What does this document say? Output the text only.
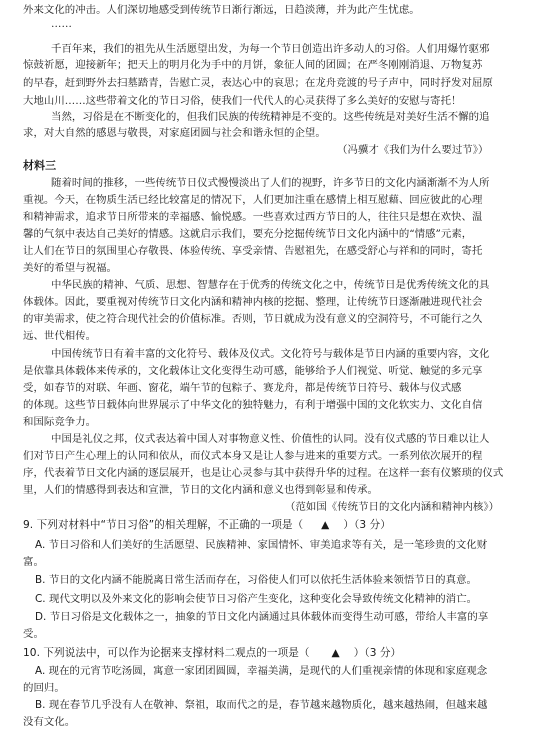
外来文化的冲击。人们深切地感受到传统节日渐行渐远，日趋淡薄，并为此产生忧虑。
……
千百年来，我们的祖先从生活愿望出发，为每一个节日创造出许多动人的习俗。人们用爆竹驱邪
惊鼓祈愿，迎接新年；把天上的明月化为手中的月饼，象征人间的团圆；在严冬刚刚消退、万物复苏
的早春，赶到野外去扫墓踏青，告慰亡灵，表达心中的哀思；在龙舟竞渡的号子声中，同时抒发对屈原
大地山川……这些带着文化的节日习俗，使我们一代代人的心灵获得了多么美好的安慰与寄托！
当然，习俗是在不断变化的，但我们民族的传统精神是不变的。这些传统是对美好生活不懈的追
求，对大自然的感恩与敬畏，对家庭团圆与社会和谐永恒的企望。
（冯骥才《我们为什么要过节》）
材料三
随着时间的推移，一些传统节日仪式慢慢淡出了人们的视野，许多节日的文化内涵渐渐不为人所
重视。今天，在物质生活已经比较富足的情况下，人们更加注重在感情上相互慰藉、回应彼此的心理
和精神需求，追求节日所带来的幸福感、愉悦感。一些喜欢过西方节日的人，往往只是想在欢快、温
馨的气氛中表达自己美好的情感。这就启示我们，要充分挖掘传统节日文化内涵中的“情感”元素，
让人们在节日的氛围里心存敬畏、体验传统、享受亲情、告慰祖先，在感受舒心与祥和的同时，寄托
美好的希望与祝福。
中华民族的精神、气质、思想、智慧存在于优秀的传统文化之中，传统节日是优秀传统文化的具
体载体。因此，要重视对传统节日文化内涵和精神内核的挖掘、整理，让传统节日逐渐融进现代社会
的审美需求，使之符合现代社会的价值标准。否则，节日就成为没有意义的空洞符号，不可能行之久
远、世代相传。
中国传统节日有着丰富的文化符号、载体及仪式。文化符号与载体是节日内涵的重要内容，文化
是依靠具体载体来传承的，文化载体让文化变得生动可感，能够给予人们视觉、听觉、触觉的多元享
受，如春节的对联、年画、窗花，端午节的包粽子、赛龙舟，都是传统节日符号、载体与仪式感
的体现。这些节日载体向世界展示了中华文化的独特魅力，有利于增强中国的文化软实力、文化自信
和国际竞争力。
中国是礼仪之邦，仪式表达着中国人对事物意义性、价值性的认同。没有仪式感的节日难以让人
们对节日产生心理上的认同和依从，而仪式本身又是让人参与进来的重要方式。一系列依次展开的程
序，代表着节日文化内涵的逐层展开，也是让心灵参与其中获得升华的过程。在这样一套有仪繁琐的仪式
里，人们的情感得到表达和宣泄，节日的文化内涵和意义也得到彰显和传承。
（范如国《传统节日的文化内涵和精神内核》）
9. 下列对材料中“节日习俗”的相关理解，不正确的一项是（ ▲ ）（3 分）
A. 节日习俗和人们美好的生活愿望、民族精神、家国情怀、审美追求等有关，是一笔珍贵的文化财
富。
B. 节日的文化内涵不能脱离日常生活而存在，习俗使人们可以依托生活体验来领悟节日的真意。
C. 现代文明以及外来文化的影响会使节日习俗产生变化，这种变化会导致传统文化精神的消亡。
D. 节日习俗是文化载体之一，抽象的节日文化内涵通过具体载体而变得生动可感，带给人丰富的享
受。
10. 下列说法中，可以作为论据来支撑材料二观点的一项是（ ▲ ）（3 分）
A. 现在的元宵节吃汤圆，寓意一家团团圆圆，幸福美满，是现代的人们重视亲情的体现和家庭观念
的回归。
B. 现在春节几乎没有人在敬神、祭祖，取而代之的是，春节越来越物质化，越来越热闹，但越来越
没有文化。
